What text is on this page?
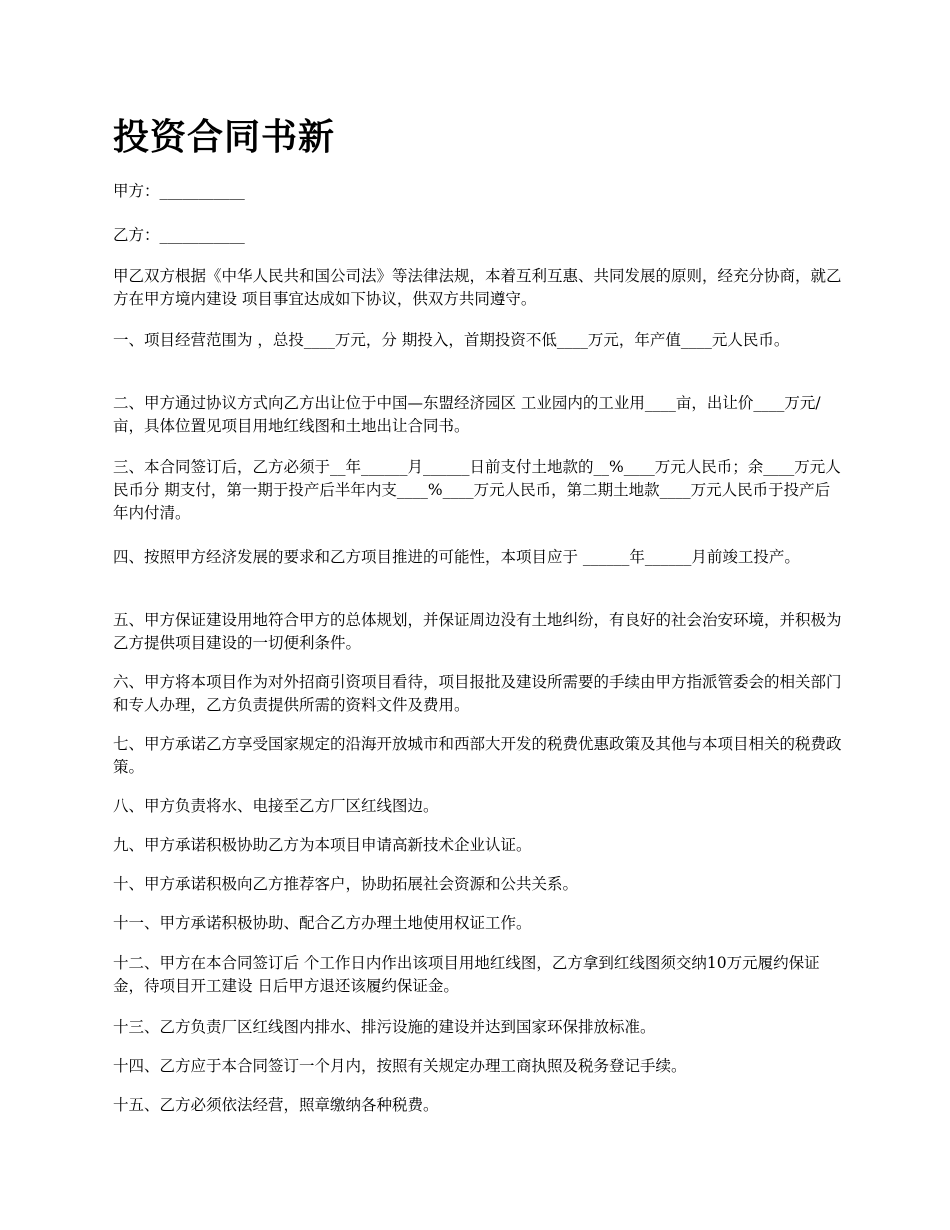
投资合同书新

甲方：___________

乙方：___________

甲乙双方根据《中华人民共和国公司法》等法律法规，本着互利互惠、共同发展的原则，经充分协商，就乙方在甲方境内建设 项目事宜达成如下协议，供双方共同遵守。

一、项目经营范围为 ，总投____万元，分 期投入，首期投资不低____万元，年产值____元人民币。

二、甲方通过协议方式向乙方出让位于中国—东盟经济园区 工业园内的工业用____亩，出让价____万元/亩，具体位置见项目用地红线图和土地出让合同书。

三、本合同签订后，乙方必须于__年______月______日前支付土地款的__%____万元人民币；余____万元人民币分 期支付，第一期于投产后半年内支____%____万元人民币，第二期土地款____万元人民币于投产后 年内付清。

四、按照甲方经济发展的要求和乙方项目推进的可能性，本项目应于 ______年______月前竣工投产。

五、甲方保证建设用地符合甲方的总体规划，并保证周边没有土地纠纷，有良好的社会治安环境，并积极为乙方提供项目建设的一切便利条件。

六、甲方将本项目作为对外招商引资项目看待，项目报批及建设所需要的手续由甲方指派管委会的相关部门和专人办理，乙方负责提供所需的资料文件及费用。

七、甲方承诺乙方享受国家规定的沿海开放城市和西部大开发的税费优惠政策及其他与本项目相关的税费政策。

八、甲方负责将水、电接至乙方厂区红线图边。

九、甲方承诺积极协助乙方为本项目申请高新技术企业认证。

十、甲方承诺积极向乙方推荐客户，协助拓展社会资源和公共关系。

十一、甲方承诺积极协助、配合乙方办理土地使用权证工作。

十二、甲方在本合同签订后 个工作日内作出该项目用地红线图，乙方拿到红线图须交纳10万元履约保证金，待项目开工建设 日后甲方退还该履约保证金。

十三、乙方负责厂区红线图内排水、排污设施的建设并达到国家环保排放标准。

十四、乙方应于本合同签订一个月内，按照有关规定办理工商执照及税务登记手续。

十五、乙方必须依法经营，照章缴纳各种税费。
